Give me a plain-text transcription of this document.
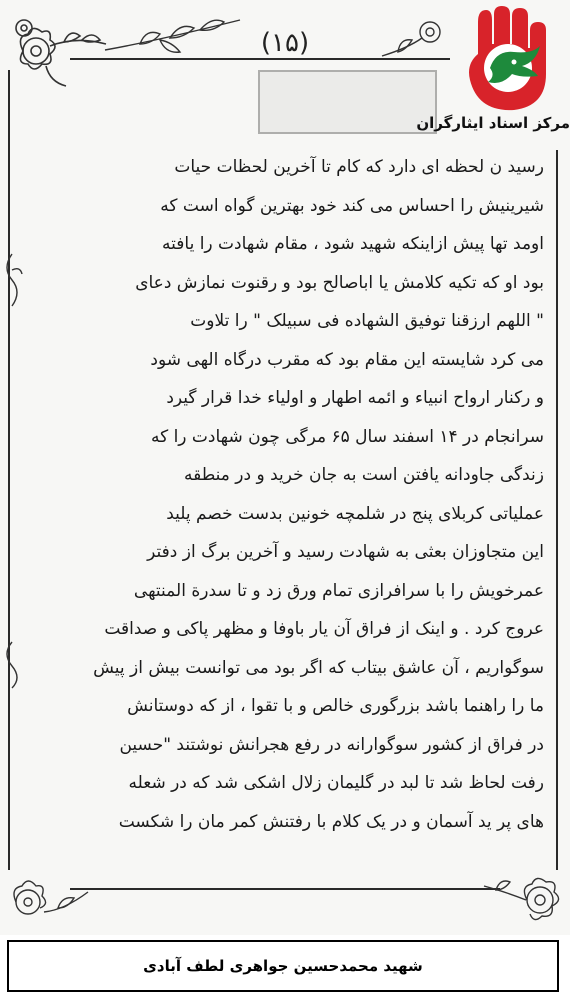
(۱۵)
مرکز اسناد ایثارگران
رسید ن لحظه ای دارد که کام تا آخرین لحظات حیات
شیرینیش را احساس می کند خود بهترین گواه است که
اومد تها پیش ازاینکه شهید شود ، مقام شهادت را یافته
بود او که تکیه کلامش یا اباصالح بود و رقنوت نمازش دعای
" اللهم ارزقنا توفیق الشهاده فی سبیلک " را تلاوت
می کرد شایسته این مقام بود که مقرب درگاه الهی شود
و رکنار ارواح انبیاء و ائمه اطهار و اولیاء خدا قرار گیرد
سرانجام در ۱۴ اسفند سال ۶۵ مرگی چون شهادت را که
زندگی جاودانه یافتن است به جان خرید و در منطقه
عملیاتی کربلای پنج در شلمچه خونین بدست خصم پلید
این متجاوزان بعثی به شهادت رسید و آخرین برگ از دفتر
عمرخویش را با سرافرازی تمام ورق زد و تا سدرة المنتهی
عروج کرد . و اینک از فراق آن یار باوفا و مظهر پاکی و صداقت
سوگواریم ، آن عاشق بیتاب که اگر بود می توانست بیش از پیش
ما را راهنما باشد بزرگوری خالص و با تقوا ، از که دوستانش
در فراق از کشور سوگوارانه در رفع هجرانش نوشتند "حسین
رفت لحاظ شد تا لبد در گلیمان زلال اشکی شد که در شعله
های پر ید آسمان و در یک کلام با رفتنش کمر مان را شکست
شهید محمدحسین جواهری لطف آبادی
